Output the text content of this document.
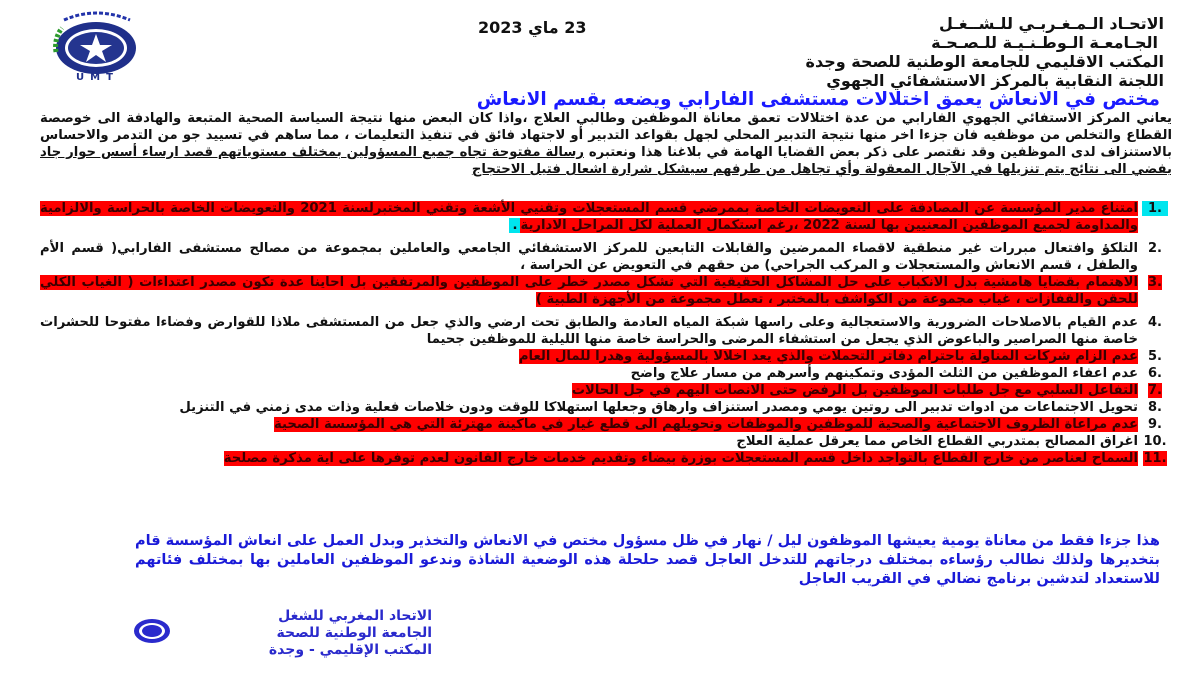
UMT
23 ماي 2023	الاتحـاد الـمـغـربـي للـشــغـل
الجـامعـة الـوطـنـيـة للـصـحـة
المكتب الاقليمي للجامعة الوطنية للصحة وجدة
اللجنة النقابية بالمركز الاستشفائي الجهوي
مختص في الانعاش يعمق اختلالات مستشفى الفارابي ويضعه بقسم الانعاش
يعاني المركز الاستفائي الجهوي الفارابي من عدة اختلالات تعمق معاناة الموظفين وطالبي العلاج ،واذا كان البعض منها نتيجة السياسة الصحية المتبعة والهادفة الى خوصصة القطاع والتخلص من موظفيه فان جزءا اخر منها نتيجة التدبير المحلي لجهل بقواعد التدبير أو لاجتهاد فائق في تنفيذ التعليمات ، مما ساهم في تسييد جو من التدمر والاحساس بالاستنزاف لدى الموظفين وقد نقتصر على ذكر بعض القضايا الهامة في بلاغنا هذا ونعتبره رسالة مفتوحة تجاه جميع المسؤولين بمختلف مستوياتهم قصد ارساء أسس حوار جاد يفضي الى نتائج يتم تنزيلها في الآجال المعقولة وأي تجاهل من طرفهم سيشكل شرارة اشعال فتيل الاحتجاج
1.
امتناع مدير المؤسسة عن المصادقة على التعويضات الخاصة بممرضي قسم المستعجلات وتقنيي الأشعة وتقني المختبرلسنة 2021 والتعويضات الخاصة بالحراسة والالزامية والمداومة لجميع الموظفين المعنيين بها لسنة 2022 ،رغم استكمال العملية لكل المراحل الادارية.
2.
التلكؤ وافتعال مبررات غير منطقية لاقصاء الممرضين والقابلات التابعين للمركز الاستشفائي الجامعي والعاملين بمجموعة من مصالح مستشفى الفارابي( قسم الأم والطفل ، قسم الانعاش والمستعجلات و المركب الجراحي) من حقهم في التعويض عن الحراسة ،
3.
الاهتمام بقضايا هامشية بدل الانكباب على حل المشاكل الحقيقية التي تشكل مصدر خطر على الموظفين والمرتفقين بل احاينا عدة تكون مصدر اعتداءات ( الغياب الكلي للحقن والقفازات ، غياب مجموعة من الكواشف بالمختبر ، تعطل مجموعة من الأجهزة الطبية )
4.
عدم القيام بالاصلاحات الضرورية والاستعجالية وعلى راسها شبكة المياه العادمة والطابق تحت ارضي والذي جعل من المستشفى ملاذا للقوارض وفضاءا مفتوحا للحشرات خاصة منها الصراصير والباعوض الذي يجعل من استشفاء المرضى والحراسة خاصة منها الليلية للموظفين جحيما
5.
عدم الزام شركات المناولة باحترام دفاتر التحملات والذي يعد اخلالا بالمسؤولية وهدرا للمال العام
6.
عدم اعفاء الموظفين من الثلث المؤدى وتمكينهم وأسرهم من مسار علاج واضح
7.
التفاعل السلبي مع جل طلبات الموظفين بل الرفض حتى الانصات اليهم في جل الحالات
8.
تحويل الاجتماعات من ادوات تدبير الى روتين يومي ومصدر استنزاف وارهاق وجعلها استهلاكا للوقت ودون خلاصات فعلية وذات مدى زمني في التنزيل
9.
عدم مراعاة الظروف الاجتماعية والصحية للموظفين والموظفات وتحويلهم الى قطع غيار في ماكينة مهترئة التي هي المؤسسة الصحية
10.
اغراق المصالح بمتدربي القطاع الخاص مما يعرقل عملية العلاج
11.
السماح لعناصر من خارج القطاع بالتواجد داخل قسم المستعجلات بوزرة بيضاء وتقديم خدمات خارج القانون لعدم توفرها على اية مذكرة مصلحة
هذا جزءا فقط من معاناة يومية يعيشها الموظفون ليل / نهار في ظل مسؤول مختص في الانعاش والتخذير وبدل العمل على انعاش المؤسسة قام بتخديرها ولذلك نطالب رؤساءه بمختلف درجاتهم للتدخل العاجل قصد حلحلة هذه الوضعية الشاذة وندعو الموظفين العاملين بها بمختلف فئاتهم للاستعداد لتدشين برنامج نضالي في القريب العاجل
الاتحاد المغربي للشغل
الجامعة الوطنية للصحة
المكتب الإقليمي - وجدة
